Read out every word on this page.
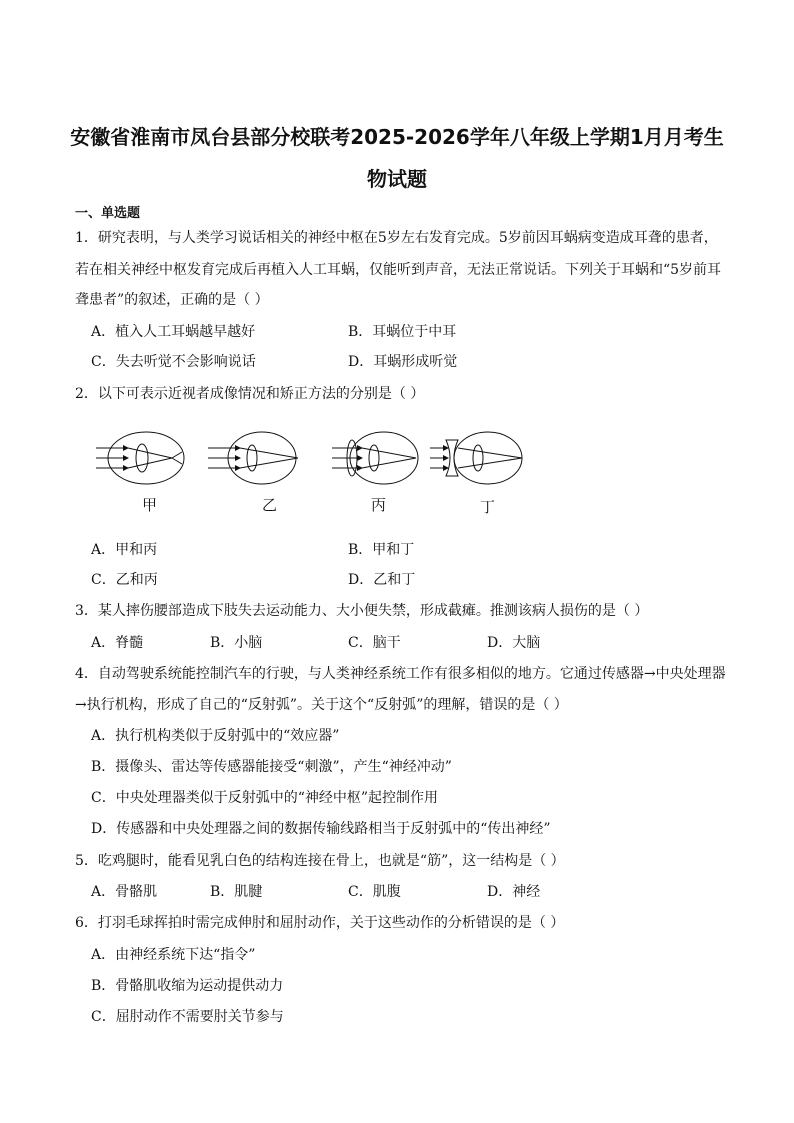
安徽省淮南市凤台县部分校联考2025-2026学年八年级上学期1月月考生
物试题
一、单选题
1．研究表明，与人类学习说话相关的神经中枢在5岁左右发育完成。5岁前因耳蜗病变造成耳聋的患者，
若在相关神经中枢发育完成后再植入人工耳蜗，仅能听到声音，无法正常说话。下列关于耳蜗和“5岁前耳
聋患者”的叙述，正确的是（ ）
A．植入人工耳蜗越早越好	B．耳蜗位于中耳
C．失去听觉不会影响说话	D．耳蜗形成听觉
2．以下可表示近视者成像情况和矫正方法的分别是（ ）
甲	乙	丙	丁
A．甲和丙	B．甲和丁
C．乙和丙	D．乙和丁
3．某人摔伤腰部造成下肢失去运动能力、大小便失禁，形成截瘫。推测该病人损伤的是（ ）
A．脊髓	B．小脑	C．脑干	D．大脑
4．自动驾驶系统能控制汽车的行驶，与人类神经系统工作有很多相似的地方。它通过传感器→中央处理器
→执行机构，形成了自己的“反射弧”。关于这个“反射弧”的理解，错误的是（ ）
A．执行机构类似于反射弧中的“效应器”
B．摄像头、雷达等传感器能接受“刺激”，产生“神经冲动”
C．中央处理器类似于反射弧中的“神经中枢”起控制作用
D．传感器和中央处理器之间的数据传输线路相当于反射弧中的“传出神经”
5．吃鸡腿时，能看见乳白色的结构连接在骨上，也就是“筋”，这一结构是（ ）
A．骨骼肌	B．肌腱	C．肌腹	D．神经
6．打羽毛球挥拍时需完成伸肘和屈肘动作，关于这些动作的分析错误的是（ ）
A．由神经系统下达“指令”
B．骨骼肌收缩为运动提供动力
C．屈肘动作不需要肘关节参与
